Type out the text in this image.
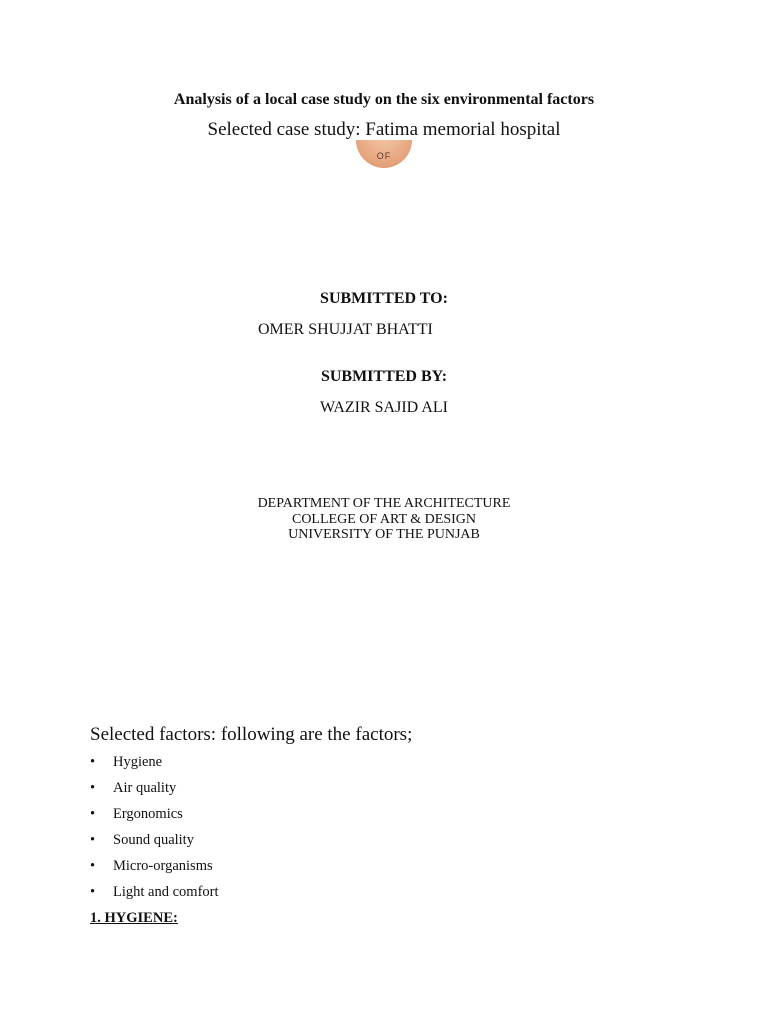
Analysis of a local case study on the six environmental factors
Selected case study: Fatima memorial hospital
OF
SUBMITTED TO:
OMER SHUJJAT BHATTI
SUBMITTED BY:
WAZIR SAJID ALI
DEPARTMENT OF THE ARCHITECTURE
COLLEGE OF ART & DESIGN
UNIVERSITY OF THE PUNJAB
Selected factors: following are the factors;
•	Hygiene
•	Air quality
•	Ergonomics
•	Sound quality
•	Micro-organisms
•	Light and comfort
1. HYGIENE:
